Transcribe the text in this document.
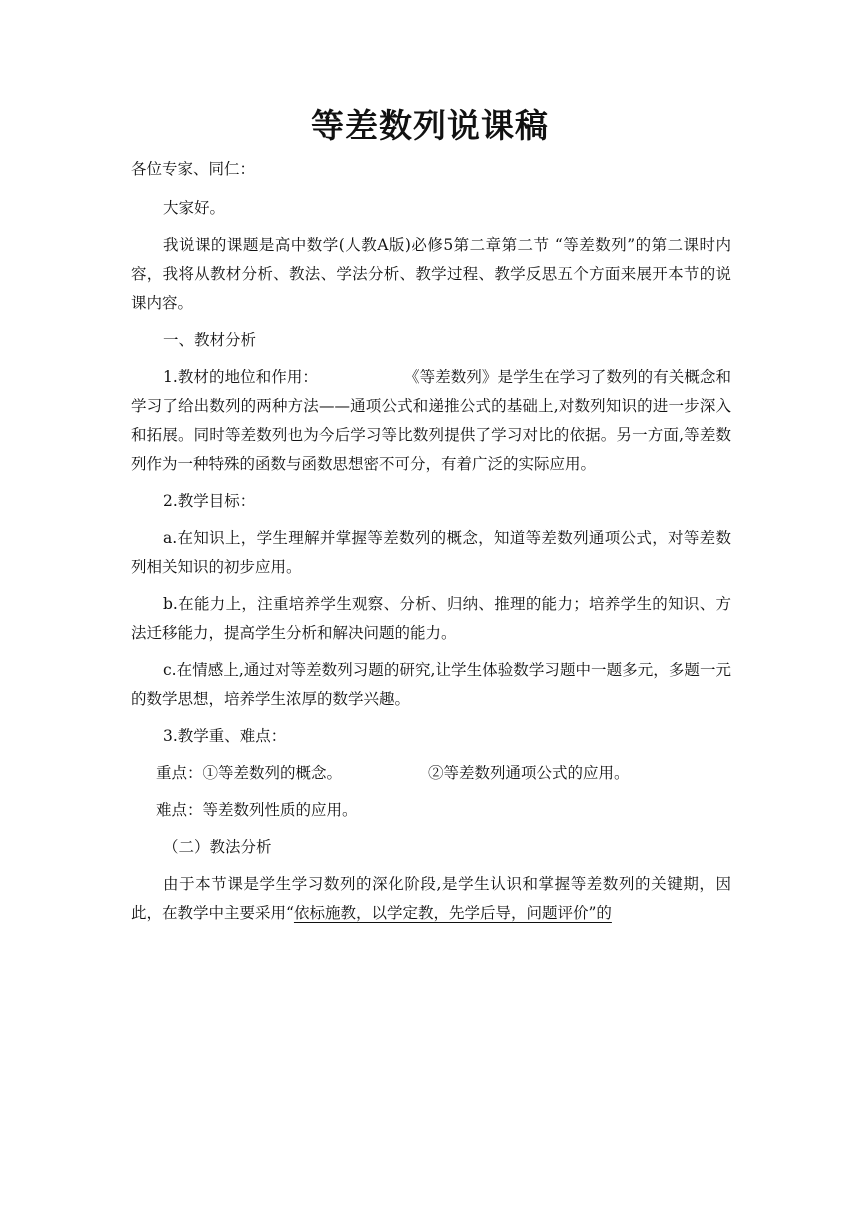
等差数列说课稿

各位专家、同仁：

大家好。

我说课的课题是高中数学(人教A版)必修5第二章第二节 “等差数列”的第二课时内容，我将从教材分析、教法、学法分析、教学过程、教学反思五个方面来展开本节的说课内容。

一、教材分析

1.教材的地位和作用：	《等差数列》是学生在学习了数列的有关概念和学习了给出数列的两种方法——通项公式和递推公式的基础上,对数列知识的进一步深入和拓展。同时等差数列也为今后学习等比数列提供了学习对比的依据。另一方面,等差数列作为一种特殊的函数与函数思想密不可分，有着广泛的实际应用。

2.教学目标：

a.在知识上，学生理解并掌握等差数列的概念，知道等差数列通项公式，对等差数列相关知识的初步应用。

b.在能力上，注重培养学生观察、分析、归纳、推理的能力；培养学生的知识、方法迁移能力，提高学生分析和解决问题的能力。

c.在情感上,通过对等差数列习题的研究,让学生体验数学习题中一题多元，多题一元的数学思想，培养学生浓厚的数学兴趣。

3.教学重、难点：

重点：①等差数列的概念。	②等差数列通项公式的应用。

难点：等差数列性质的应用。

（二）教法分析

由于本节课是学生学习数列的深化阶段,是学生认识和掌握等差数列的关键期，因此，在教学中主要采用“依标施教，以学定教，先学后导，问题评价”的
